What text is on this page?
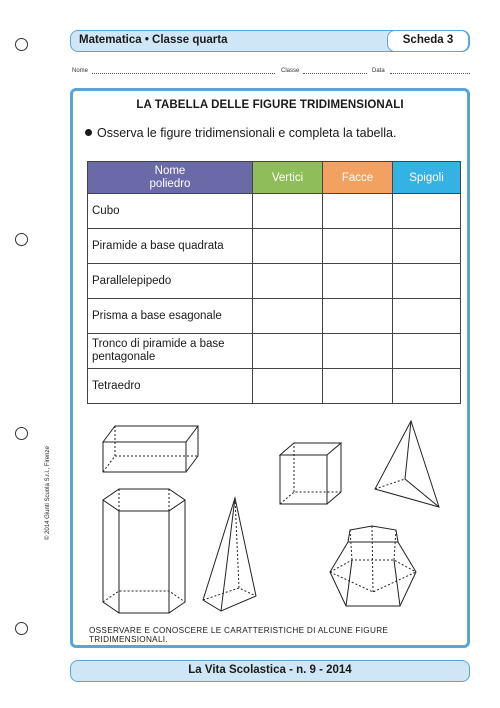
Matematica • Classe quarta	Scheda 3
Nome	Classe	Data
© 2014 Giunti Scuola S.r.l., Firenze
LA TABELLA DELLE FIGURE TRIDIMENSIONALI
Osserva le figure tridimensionali e completa la tabella.
Nome
poliedro	Vertici	Facce	Spigoli
Cubo			
Piramide a base quadrata			
Parallelepipedo			
Prisma a base esagonale			
Tronco di piramide a base pentagonale			
Tetraedro			
OSSERVARE E CONOSCERE LE CARATTERISTICHE DI ALCUNE FIGURE TRIDIMENSIONALI.
La Vita Scolastica - n. 9 - 2014
